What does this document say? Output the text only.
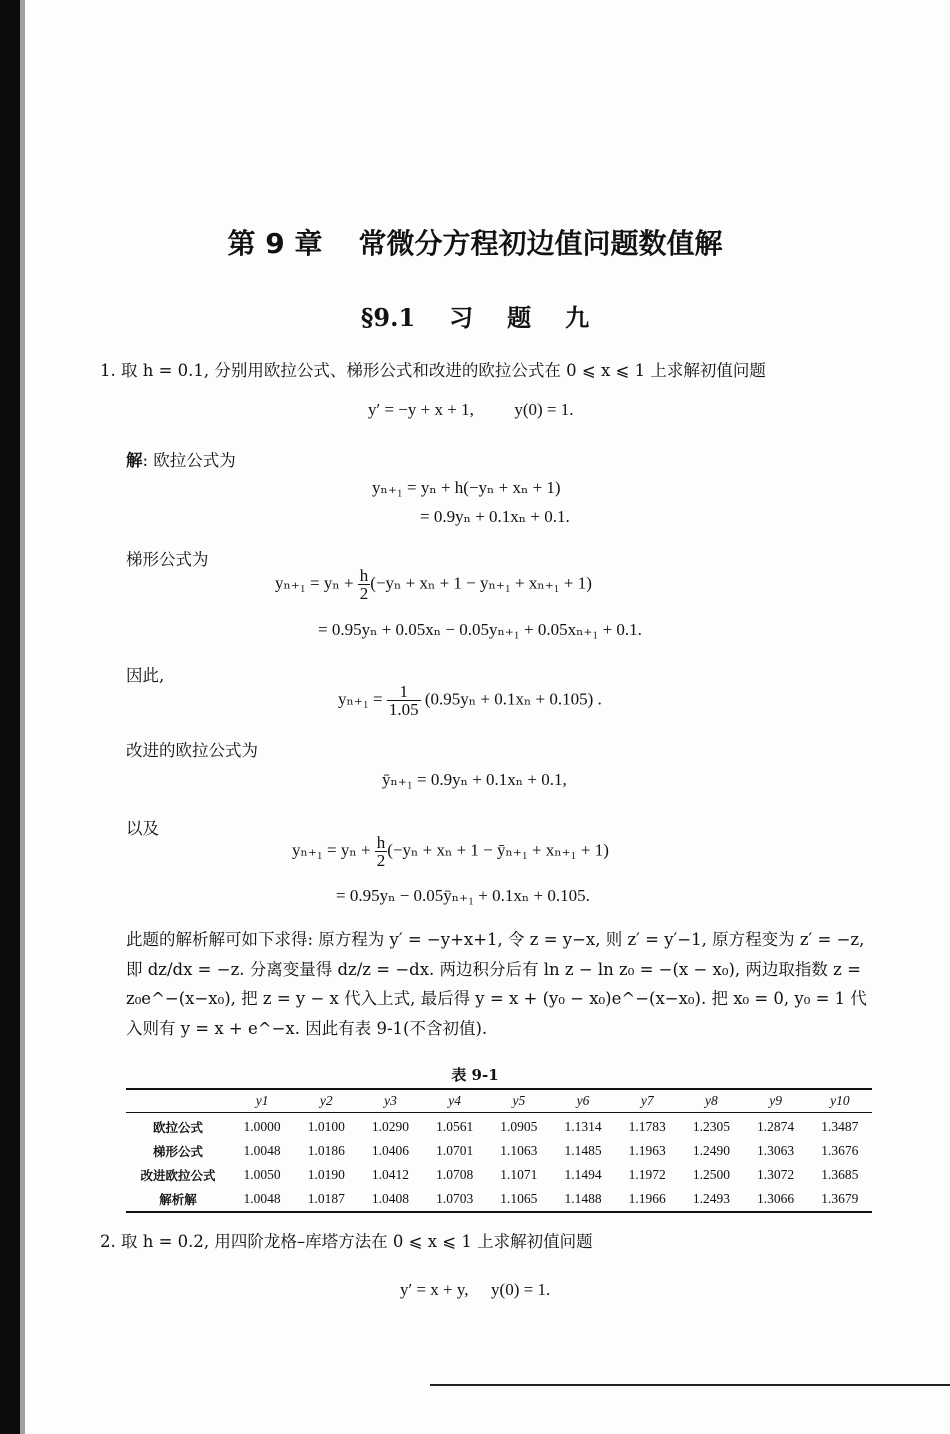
第 9 章 常微分方程初边值问题数值解
§9.1 习 题 九
1. 取 h = 0.1, 分别用欧拉公式、梯形公式和改进的欧拉公式在 0 ⩽ x ⩽ 1 上求解初值问题
y′ = −y + x + 1, y(0) = 1.
解: 欧拉公式为
yₙ₊₁ = yₙ + h(−yₙ + xₙ + 1)
= 0.9yₙ + 0.1xₙ + 0.1.
梯形公式为
$y_{n+1} = y_n + \frac{h}{2} (-y_n + x_n + 1 - y_{n+1} + x_{n+1} + 1)$
= 0.95yₙ + 0.05xₙ − 0.05yₙ₊₁ + 0.05xₙ₊₁ + 0.1.
因此,
$y_{n+1} = \frac{1}{1.05} (0.95y_n + 0.1x_n + 0.105)$ .
改进的欧拉公式为
ȳₙ₊₁ = 0.9yₙ + 0.1xₙ + 0.1,
以及
$y_{n+1} = y_n + \frac{h}{2} (-y_n + x_n + 1$ − ȳₙ₊₁ + xₙ₊₁ + 1)
= 0.95yₙ − 0.05ȳₙ₊₁ + 0.1xₙ + 0.105.
此题的解析解可如下求得: 原方程为 y′ = −y+x+1, 令 z = y−x, 则 z′ = y′−1, 原方程变为 z′ = −z, 即 dz/dx = −z. 分离变量得 dz/z = −dx. 两边积分后有 ln z − ln z₀ = −(x − x₀), 两边取指数 z = z₀e^−(x−x₀), 把 z = y − x 代入上式, 最后得 y = x + (y₀ − x₀)e^−(x−x₀). 把 x₀ = 0, y₀ = 1 代入则有 y = x + e^−x. 因此有表 9-1(不含初值).
表 9-1
	y1	y2	y3	y4	y5	y6	y7	y8	y9	y10
欧拉公式	1.0000	1.0100	1.0290	1.0561	1.0905	1.1314	1.1783	1.2305	1.2874	1.3487
梯形公式	1.0048	1.0186	1.0406	1.0701	1.1063	1.1485	1.1963	1.2490	1.3063	1.3676
改进欧拉公式	1.0050	1.0190	1.0412	1.0708	1.1071	1.1494	1.1972	1.2500	1.3072	1.3685
解析解	1.0048	1.0187	1.0408	1.0703	1.1065	1.1488	1.1966	1.2493	1.3066	1.3679
2. 取 h = 0.2, 用四阶龙格–库塔方法在 0 ⩽ x ⩽ 1 上求解初值问题
y′ = x + y, y(0) = 1.
